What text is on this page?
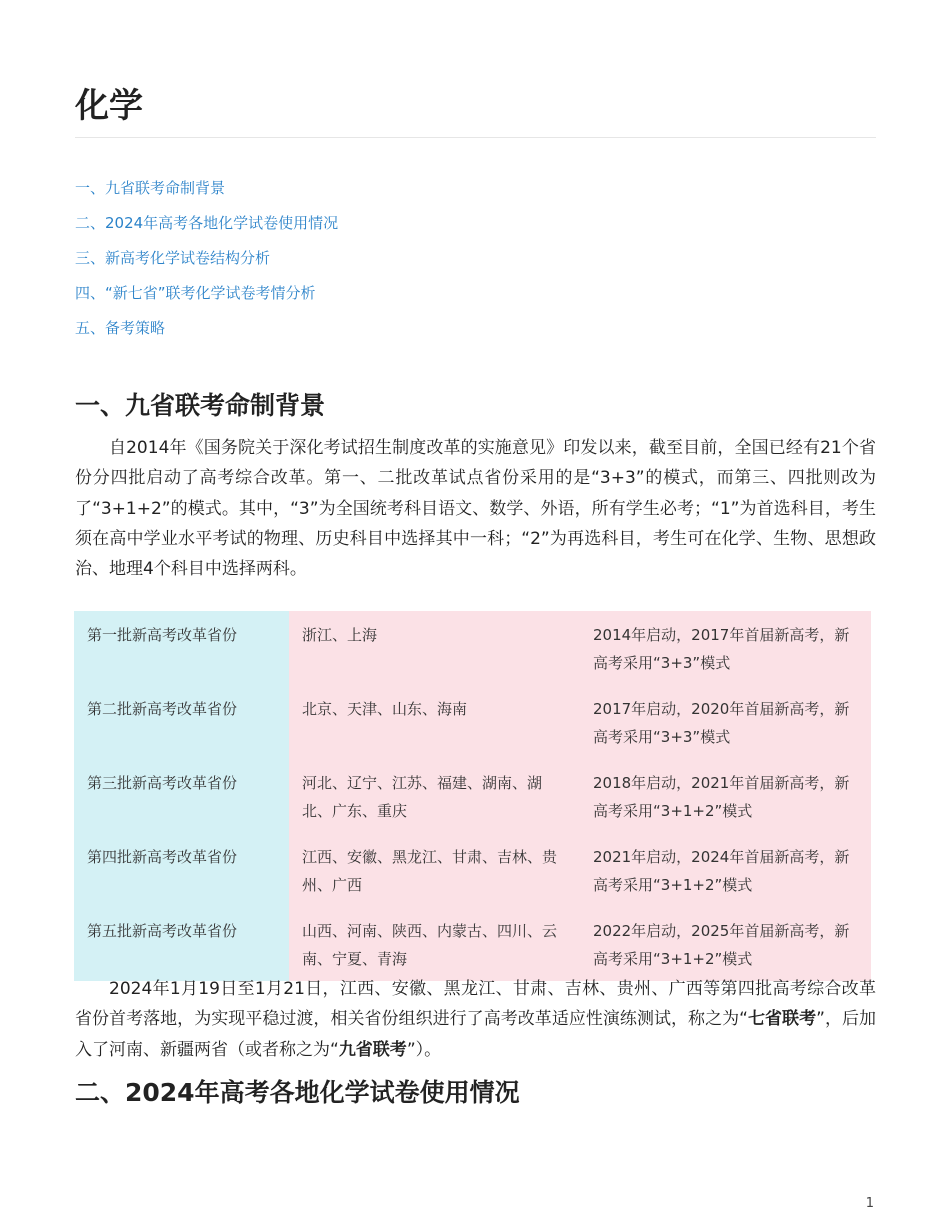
化学
一、九省联考命制背景
二、2024年高考各地化学试卷使用情况
三、新高考化学试卷结构分析
四、“新七省”联考化学试卷考情分析
五、备考策略
一、九省联考命制背景

自2014年《国务院关于深化考试招生制度改革的实施意见》印发以来，截至目前，全国已经有21个省份分四批启动了高考综合改革。第一、二批改革试点省份采用的是“3+3”的模式，而第三、四批则改为了“3+1+2”的模式。其中，“3”为全国统考科目语文、数学、外语，所有学生必考；“1”为首选科目，考生须在高中学业水平考试的物理、历史科目中选择其中一科；“2”为再选科目，考生可在化学、生物、思想政治、地理4个科目中选择两科。

第一批新高考改革省份	浙江、上海	2014年启动，2017年首届新高考，新高考采用“3+3”模式
第二批新高考改革省份	北京、天津、山东、海南	2017年启动，2020年首届新高考，新高考采用“3+3”模式
第三批新高考改革省份	河北、辽宁、江苏、福建、湖南、湖北、广东、重庆	2018年启动，2021年首届新高考，新高考采用“3+1+2”模式
第四批新高考改革省份	江西、安徽、黑龙江、甘肃、吉林、贵州、广西	2021年启动，2024年首届新高考，新高考采用“3+1+2”模式
第五批新高考改革省份	山西、河南、陕西、内蒙古、四川、云南、宁夏、青海	2022年启动，2025年首届新高考，新高考采用“3+1+2”模式

2024年1月19日至1月21日，江西、安徽、黑龙江、甘肃、吉林、贵州、广西等第四批高考综合改革省份首考落地，为实现平稳过渡，相关省份组织进行了高考改革适应性演练测试，称之为“七省联考”，后加入了河南、新疆两省（或者称之为“九省联考”）。

二、2024年高考各地化学试卷使用情况
1
